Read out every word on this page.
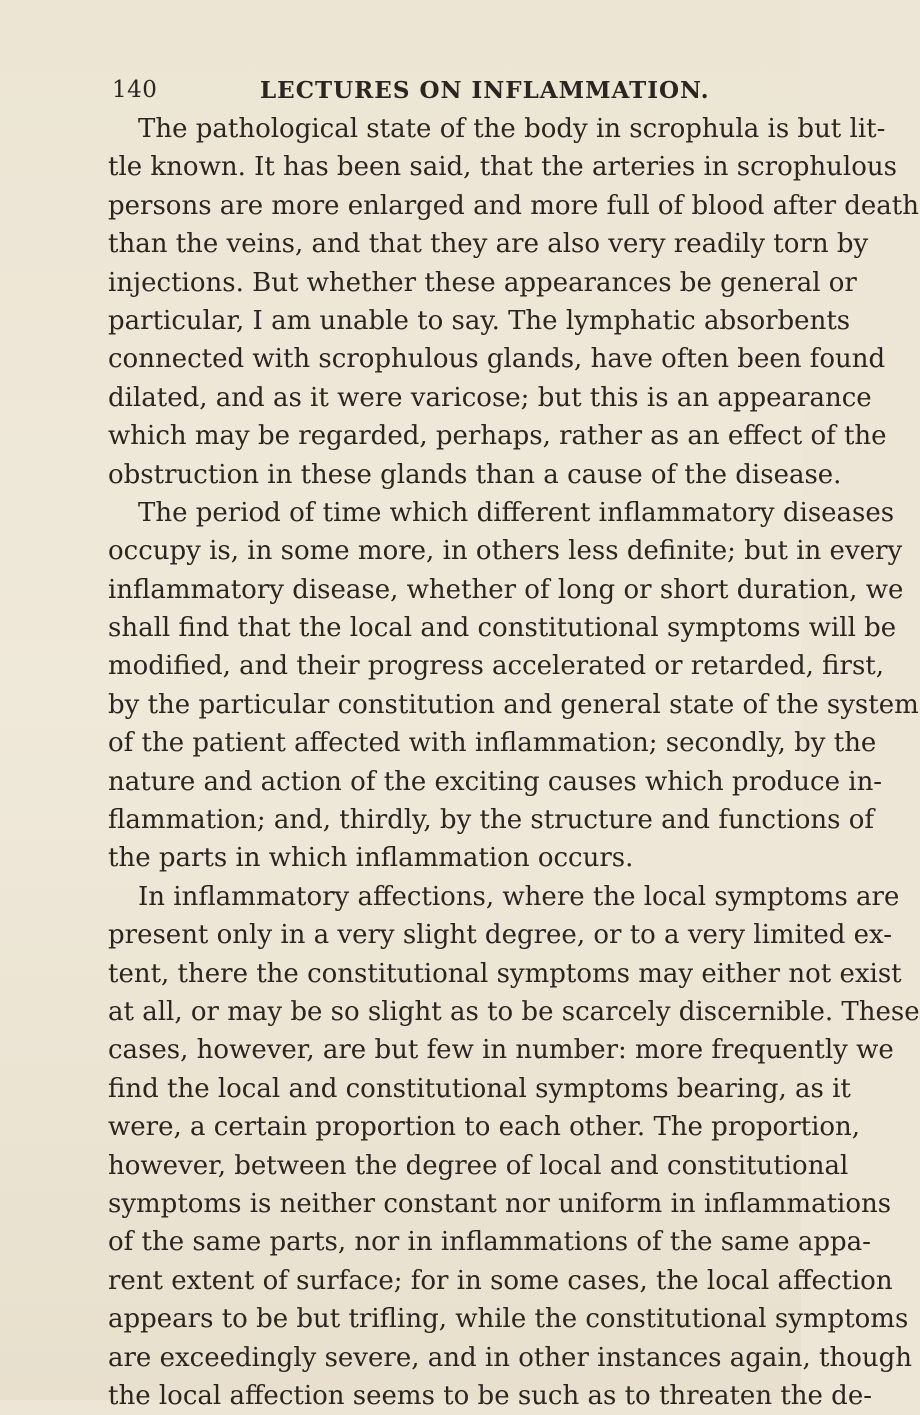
140	LECTURES ON INFLAMMATION.
The pathological state of the body in scrophula is but lit-
tle known. It has been said, that the arteries in scrophulous
persons are more enlarged and more full of blood after death
than the veins, and that they are also very readily torn by
injections. But whether these appearances be general or
particular, I am unable to say. The lymphatic absorbents
connected with scrophulous glands, have often been found
dilated, and as it were varicose; but this is an appearance
which may be regarded, perhaps, rather as an effect of the
obstruction in these glands than a cause of the disease.
The period of time which different inflammatory diseases
occupy is, in some more, in others less definite; but in every
inflammatory disease, whether of long or short duration, we
shall find that the local and constitutional symptoms will be
modified, and their progress accelerated or retarded, first,
by the particular constitution and general state of the system
of the patient affected with inflammation; secondly, by the
nature and action of the exciting causes which produce in-
flammation; and, thirdly, by the structure and functions of
the parts in which inflammation occurs.
In inflammatory affections, where the local symptoms are
present only in a very slight degree, or to a very limited ex-
tent, there the constitutional symptoms may either not exist
at all, or may be so slight as to be scarcely discernible. These
cases, however, are but few in number: more frequently we
find the local and constitutional symptoms bearing, as it
were, a certain proportion to each other. The proportion,
however, between the degree of local and constitutional
symptoms is neither constant nor uniform in inflammations
of the same parts, nor in inflammations of the same appa-
rent extent of surface; for in some cases, the local affection
appears to be but trifling, while the constitutional symptoms
are exceedingly severe, and in other instances again, though
the local affection seems to be such as to threaten the de-
